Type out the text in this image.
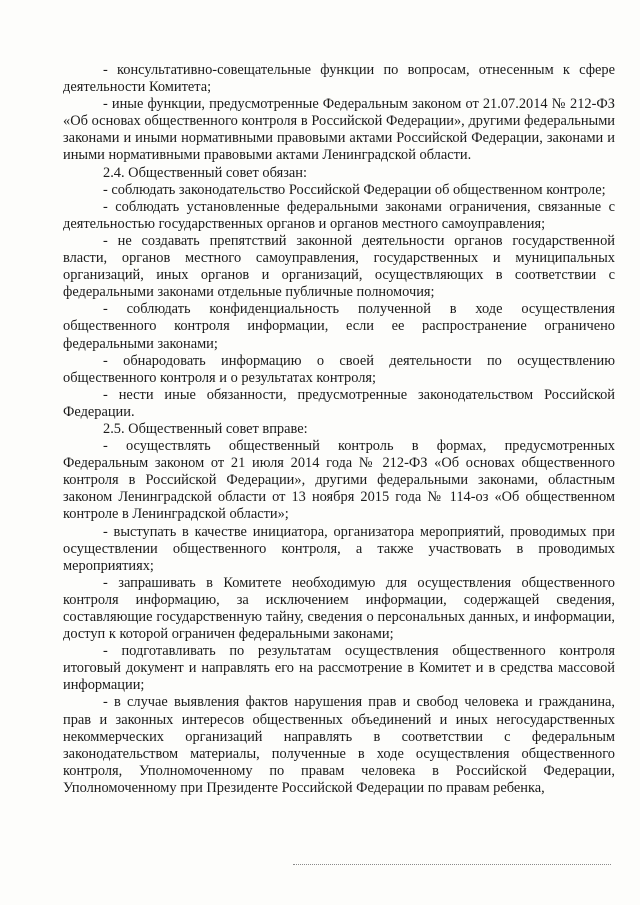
- консультативно-совещательные функции по вопросам, отнесенным к сфере деятельности Комитета;

- иные функции, предусмотренные Федеральным законом от 21.07.2014 № 212-ФЗ «Об основах общественного контроля в Российской Федерации», другими федеральными законами и иными нормативными правовыми актами Российской Федерации, законами и иными нормативными правовыми актами Ленинградской области.

2.4. Общественный совет обязан:

- соблюдать законодательство Российской Федерации об общественном контроле;

- соблюдать установленные федеральными законами ограничения, связанные с деятельностью государственных органов и органов местного самоуправления;

- не создавать препятствий законной деятельности органов государственной власти, органов местного самоуправления, государственных и муниципальных организаций, иных органов и организаций, осуществляющих в соответствии с федеральными законами отдельные публичные полномочия;

- соблюдать конфиденциальность полученной в ходе осуществления общественного контроля информации, если ее распространение ограничено федеральными законами;

- обнародовать информацию о своей деятельности по осуществлению общественного контроля и о результатах контроля;

- нести иные обязанности, предусмотренные законодательством Российской Федерации.

2.5. Общественный совет вправе:

- осуществлять общественный контроль в формах, предусмотренных Федеральным законом от 21 июля 2014 года № 212-ФЗ «Об основах общественного контроля в Российской Федерации», другими федеральными законами, областным законом Ленинградской области от 13 ноября 2015 года № 114-оз «Об общественном контроле в Ленинградской области»;

- выступать в качестве инициатора, организатора мероприятий, проводимых при осуществлении общественного контроля, а также участвовать в проводимых мероприятиях;

- запрашивать в Комитете необходимую для осуществления общественного контроля информацию, за исключением информации, содержащей сведения, составляющие государственную тайну, сведения о персональных данных, и информации, доступ к которой ограничен федеральными законами;

- подготавливать по результатам осуществления общественного контроля итоговый документ и направлять его на рассмотрение в Комитет и в средства массовой информации;

- в случае выявления фактов нарушения прав и свобод человека и гражданина, прав и законных интересов общественных объединений и иных негосударственных некоммерческих организаций направлять в соответствии с федеральным законодательством материалы, полученные в ходе осуществления общественного контроля, Уполномоченному по правам человека в Российской Федерации, Уполномоченному при Президенте Российской Федерации по правам ребенка,
